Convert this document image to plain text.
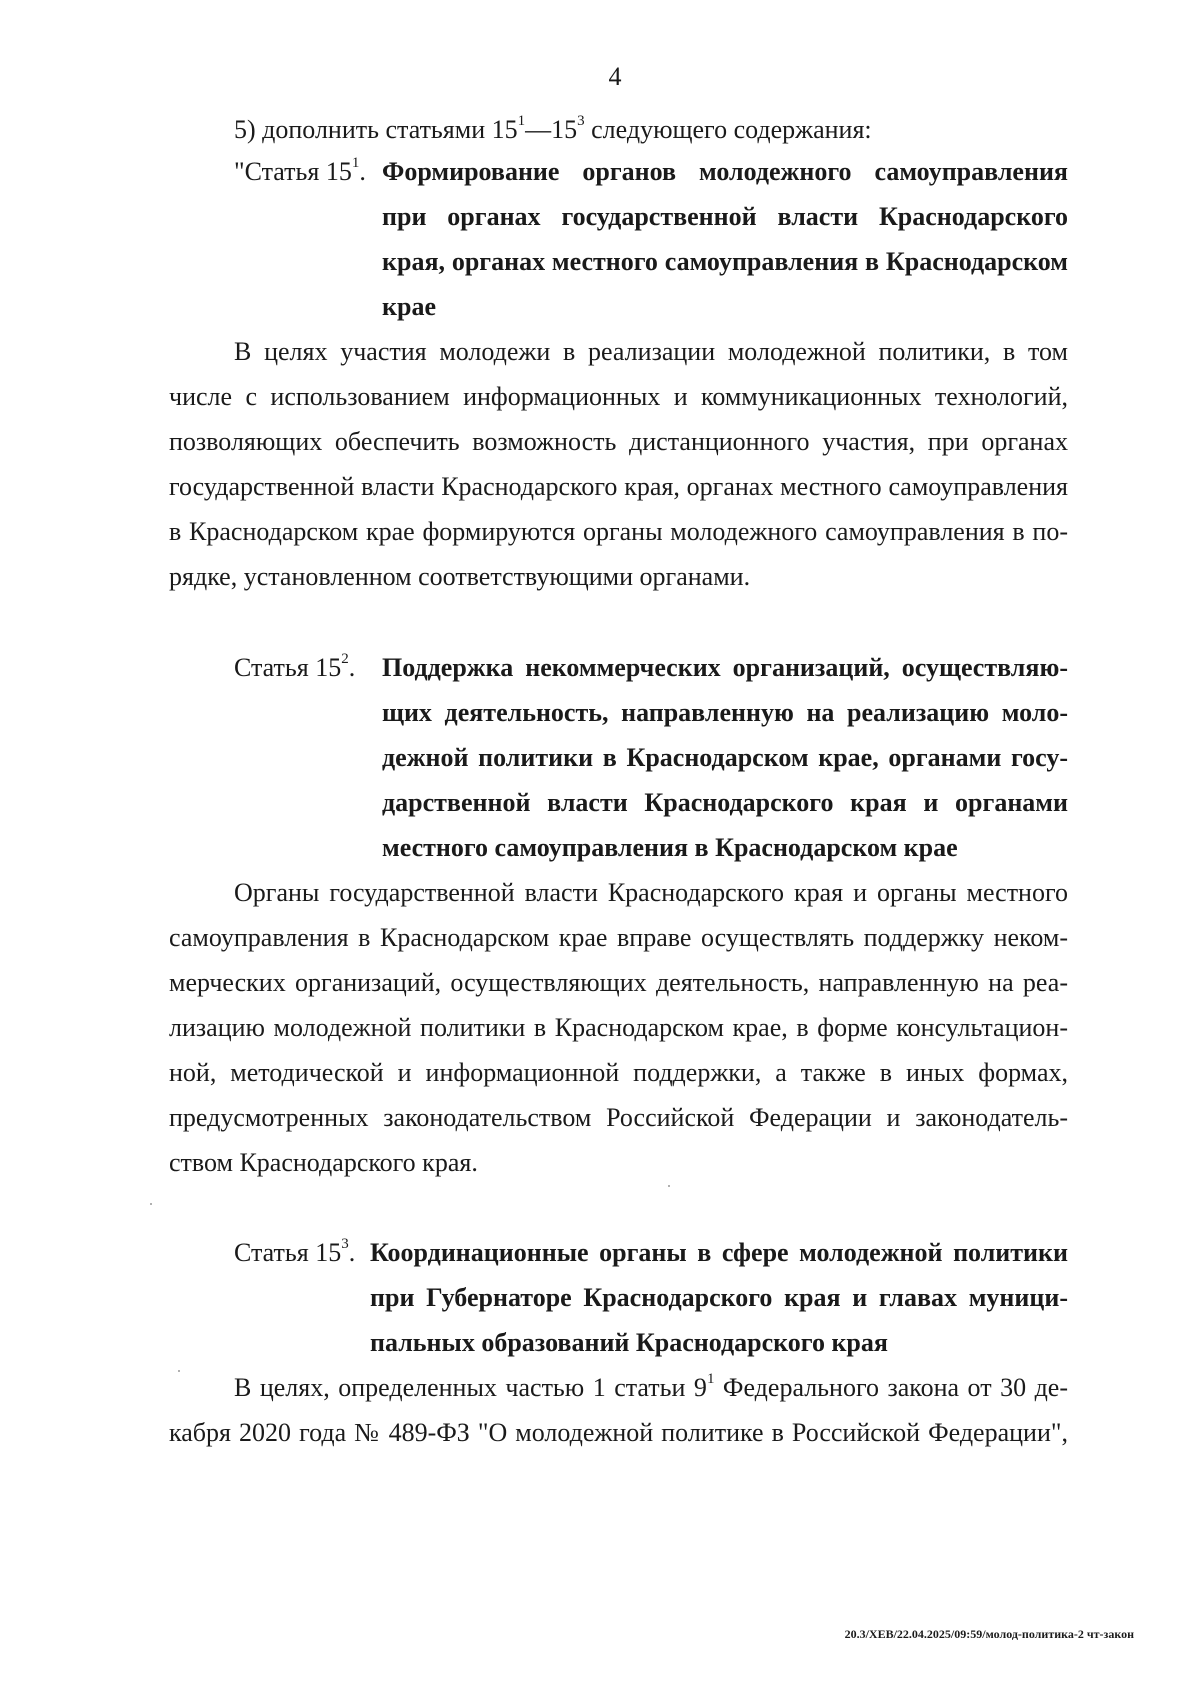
4
5) дополнить статьями $15^1—15^3$ следующего содержания:
"Статья $15^1$. Формирование органов молодежного самоуправления
при органах государственной власти Краснодарского
края, органах местного самоуправления в Краснодарском
крае
В целях участия молодежи в реализации молодежной политики, в том
числе с использованием информационных и коммуникационных технологий,
позволяющих обеспечить возможность дистанционного участия, при органах
государственной власти Краснодарского края, органах местного самоуправления
в Краснодарском крае формируются органы молодежного самоуправления в по-
рядке, установленном соответствующими органами.
Статья $15^2$. Поддержка некоммерческих организаций, осуществляю-
щих деятельность, направленную на реализацию моло-
дежной политики в Краснодарском крае, органами госу-
дарственной власти Краснодарского края и органами
местного самоуправления в Краснодарском крае
Органы государственной власти Краснодарского края и органы местного
самоуправления в Краснодарском крае вправе осуществлять поддержку неком-
мерческих организаций, осуществляющих деятельность, направленную на реа-
лизацию молодежной политики в Краснодарском крае, в форме консультацион-
ной, методической и информационной поддержки, а также в иных формах,
предусмотренных законодательством Российской Федерации и законодатель-
ством Краснодарского края.
Статья $15^3$. Координационные органы в сфере молодежной политики
при Губернаторе Краснодарского края и главах муници-
пальных образований Краснодарского края
В целях, определенных частью 1 статьи $9^1$ Федерального закона от 30 де-
кабря 2020 года № 489-ФЗ "О молодежной политике в Российской Федерации",
20.3/ХЕВ/22.04.2025/09:59/молод-политика-2 чт-закон
